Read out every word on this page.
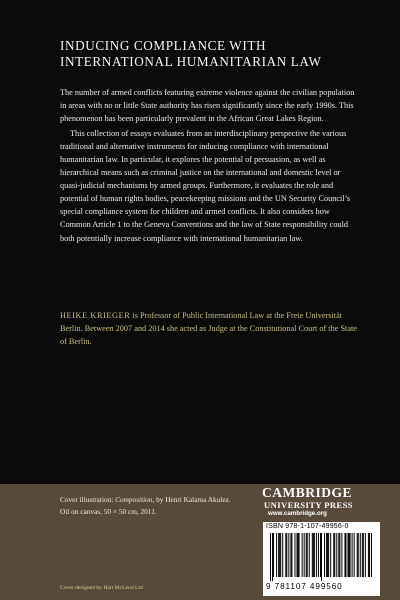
INDUCING COMPLIANCE WITH
INTERNATIONAL HUMANITARIAN LAW

The number of armed conflicts featuring extreme violence against the civilian population in areas with no or little State authority has risen significantly since the early 1990s. This phenomenon has been particularly prevalent in the African Great Lakes Region.

This collection of essays evaluates from an interdisciplinary perspective the various traditional and alternative instruments for inducing compliance with international humanitarian law. In particular, it explores the potential of persuasion, as well as hierarchical means such as criminal justice on the international and domestic level or quasi-judicial mechanisms by armed groups. Furthermore, it evaluates the role and potential of human rights bodies, peacekeeping missions and the UN Security Council’s special compliance system for children and armed conflicts. It also considers how Common Article 1 to the Geneva Conventions and the law of State responsibility could both potentially increase compliance with international humanitarian law.

HEIKE KRIEGER is Professor of Public International Law at the Freie Universität Berlin. Between 2007 and 2014 she acted as Judge at the Constitutional Court of the State of Berlin.
Cover illustration: Composition, by Henri Kalama Akulez. Oil on canvas, 50 × 50 cm, 2011.
Cover designed by Hart McLeod Ltd
CAMBRIDGE
UNIVERSITY PRESS
www.cambridge.org
ISBN 978-1-107-49956-0
9 781107 499560
